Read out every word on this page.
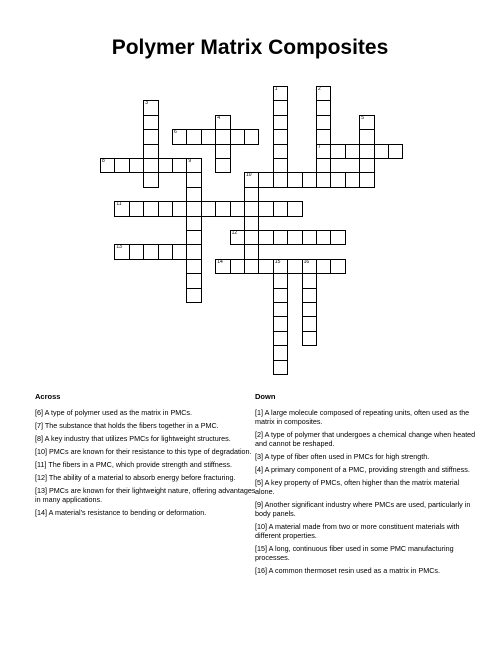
Polymer Matrix Composites
1	2
7
3
4	5
6
8	9
10
11
12
13
14	15	16
Across	Down

[6] A type of polymer used as the matrix in PMCs.

[7] The substance that holds the fibers together in a PMC.

[8] A key industry that utilizes PMCs for lightweight structures.

[10] PMCs are known for their resistance to this type of degradation.

[11] The fibers in a PMC, which provide strength and stiffness.

[12] The ability of a material to absorb energy before fracturing.

[13] PMCs are known for their lightweight nature, offering advantages in many applications.

[14] A material's resistance to bending or deformation.

[1] A large molecule composed of repeating units, often used as the matrix in composites.

[2] A type of polymer that undergoes a chemical change when heated and cannot be reshaped.

[3] A type of fiber often used in PMCs for high strength.

[4] A primary component of a PMC, providing strength and stiffness.

[5] A key property of PMCs, often higher than the matrix material alone.

[9] Another significant industry where PMCs are used, particularly in body panels.

[10] A material made from two or more constituent materials with different properties.

[15] A long, continuous fiber used in some PMC manufacturing processes.

[16] A common thermoset resin used as a matrix in PMCs.
